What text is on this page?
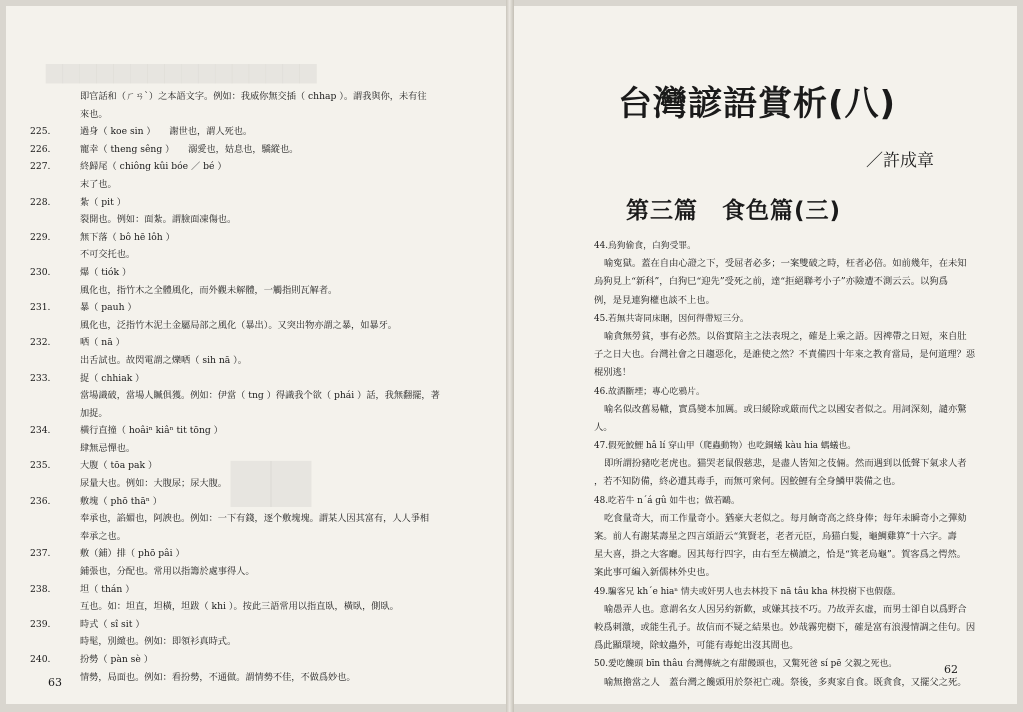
▆▆▆▆▆▆▆▆▆▆▆▆▆▆▆▆
▆▆
即官話和（ㄏㄢˋ）之本語文字。例如：我威你無交插（ chhap ）。謂我與你，未有往
來也。
225.	過身（ koe sin ）　　謝世也，謂人死也。
226.	寵幸（ theng sêng ）　　溺愛也，姑息也，驕縱也。
227.	終歸尾（ chiông kûi bóe ／ bé ）
末了也。
228.	紮（ pit ）
裂開也。例如：面紮。謂臉面凍傷也。
229.	無下落（ bô hē lôh ）
不可交托也。
230.	爆（ tiók ）
風化也，指竹木之全體風化，而外觀未解體，一觸指則瓦解者。
231.	暴（ pauh ）
風化也，泛指竹木泥土金屬局部之風化（暴出）。又突出物亦謂之暴，如暴牙。
232.	哂（ nā ）
出舌試也。故閃電謂之爍哂（ sih nā ）。
233.	捉（ chhiak ）
當場識破，當場人贓俱獲。例如：伊當（ tng ）得識我个欲（ phái ）話，我無翻擺，著
加捉。
234.	橫行直撞（ hoâiⁿ kiâⁿ tit tōng ）
肆無忌憚也。
235.	大腹（ tōa pak ）
尿量大也。例如：大腹尿；尿大腹。
236.	敷塊（ phō thāⁿ ）
奉承也，諂媚也，阿諛也。例如：一下有錢，逐个敷塊塊。謂某人因其富有，人人爭相
奉承之也。
237.	敷（鋪）排（ phō pâi ）
鋪張也，分配也。常用以指籌於處事得人。
238.	坦（ thán ）
互也。如：坦直，坦橫，坦跋（ khi ）。按此三語常用以指直臥，橫臥，側臥。
239.	時式（ sî sit ）
時髦，別緻也。例如：即領衫真時式。
240.	扮勢（ pàn sè ）
情勢，局面也。例如：看扮勢，不通做。謂情勢不佳，不做爲妙也。
63
台灣諺語賞析(八)
／許成章
第三篇　食色篇(三)
44.烏狗偷食，白狗受罪。
喻寃獄。蓋在自由心證之下，受屈者必多；一案雙破之時，枉者必倍。如前幾年，在未知
烏狗見上“新科”，白狗巳“迎先”受死之前，達“拒絕聯考小子”亦險遭不測云云。以狗爲
例，是見連狗權也談不上也。
45.若無共寄同床睏，因何得帶短三分。
喻貪無勞貧，事有必然。以俗實陪主之法表現之，確是上乘之語。因裨帶之日短，來自肚
子之日大也。台灣社會之日趨惡化，是誰使之然？不責備四十年來之教育當局，是何道理？惡
棍別逃！
46.故酒斷堙；專心吃鴉片。
喻名似改舊易轍，實爲變本加厲。或曰緩除或厳而代之以國安者似之。用詞深刻，譴亦驚
人。
47.假死鮫鯉 hâ lí 穿山甲（爬蟲動物）也吃銅蟻 kàu hia 螞蟻也。
即所謂扮豬吃老虎也。猫哭老鼠假慈悲，是盡人皆知之伎倆。然而遇到以低聲下氣求人者
，若不知防備，終必遭其毒手，而無可衆何。因鮫鯉有全身鱗甲裝備之也。
48.吃若牛 n´á gû 如牛也；做若鷗。
吃食量奇大，而工作量奇小。猶豪大老似之。每月餉奇高之終身俸；每年未瞬奇小之彈劾
案。前人有謝某壽星之四言頌語云“箕賢老，老者元臣，烏猫白髮，龜鯛雞算”十六字。壽
星大喜，掛之大客廳。因其每行四字，由右至左橫讀之，恰是“箕老烏龜”。賀客爲之愕然。
案此事可編入新儒林外史也。
49.騙客兄 kh´e hiaⁿ 情夫或奸男人也去林投下 nā tâu kha 林投樹下也假蔭。
喻愚弄人也。意謂名女人因另約新歡，或嫌其技不巧。乃故弄玄虛，而男士卻自以爲野合
較爲刺激，或能生孔子。故信而不疑之結果也。妙哉霧兜樹下，確是富有浪漫情調之佳句。因
爲此顯環境，除蚊蟲外，可能有毒蛇出沒其間也。
50.愛吃饞頭 bīn thâu 台灣傳統之有甜饅頭也，又驚死爸 sí pē 父親之死也。
喻無擔當之人　蓋台灣之饞頭用於祭祀亡魂。祭後，多爽家自食。既貪食，又擺父之死。
62
